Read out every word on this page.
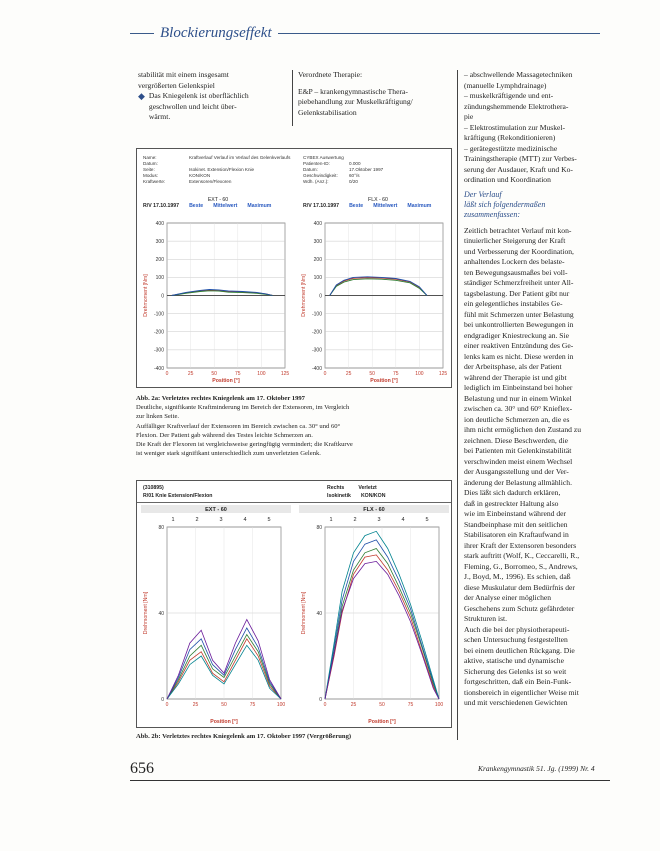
Blockierungseffekt
stabilität mit einem insgesamt
vergrößerten Gelenkspiel
◆ Das Kniegelenk ist oberflächlich
geschwollen und leicht über-
wärmt.
Verordnete Therapie:
E&P – krankengymnastische Thera-
piebehandlung zur Muskelkräftigung/
Gelenkstabilisation
– abschwellende Massagetechniken
(manuelle Lymphdrainage)
– muskelkräftigende und ent-
zündungshemmende Elektrothera-
pie
– Elektrostimulation zur Muskel-
kräftigung (Rekonditionieren)
– gerätegestützte medizinische
Trainingstherapie (MTT) zur Verbes-
serung der Ausdauer, Kraft und Ko-
ordination und Koordination
Der Verlauf
läßt sich folgendermaßen
zusammenfassen:
Zeitlich betrachtet Verlauf mit kon-
tinuierlicher Steigerung der Kraft
und Verbesserung der Koordination,
anhaltendes Lockern des belaste-
ten Bewegungsausmaßes bei voll-
ständiger Schmerzfreiheit unter All-
tagsbelastung. Der Patient gibt nur
ein gelegentliches instabiles Ge-
fühl mit Schmerzen unter Belastung
bei unkontrollierten Bewegungen in
endgradiger Kniestreckung an. Sie
einer reaktiven Entzündung des Ge-
lenks kam es nicht. Diese werden in
der Arbeitsphase, als der Patient
während der Therapie ist und gibt
lediglich im Einbeinstand bei hoher
Belastung und nur in einem Winkel
zwischen ca. 30° und 60° Knieflex-
ion deutliche Schmerzen an, die es
ihm nicht ermöglichen den Zustand zu
zeichnen. Diese Beschwerden, die
bei Patienten mit Gelenkinstabilität
verschwinden meist einem Wechsel
der Ausgangsstellung und der Ver-
änderung der Belastung allmählich.
Dies läßt sich dadurch erklären,
daß in gestreckter Haltung also
wie im Einbeinstand während der
Standbeinphase mit den seitlichen
Stabilisatoren ein Kraftaufwand in
ihrer Kraft der Extensoren besonders
stark auftritt (Wolf, K., Ceccarelli, R.,
Fleming, G., Borromeo, S., Andrews,
J., Boyd, M., 1996). Es schien, daß
diese Muskulatur dem Bedürfnis der
der Analyse einer möglichen
Geschehens zum Schutz gefährdeter
Strukturen ist.
Auch die bei der physiotherapeuti-
schen Untersuchung festgestellten
bei einem deutlichen Rückgang. Die
aktive, statische und dynamische
Sicherung des Gelenks ist so weit
fortgeschritten, daß ein Bein-Funk-
tionsbereich in eigentlicher Weise mit
und mit verschiedenen Gewichten
Name:	Kraftverlauf Verlauf im Verlauf des Gelenkverlaufs
Datum:
Seite:	Isokinet. Extension/Flexion Knie
Modus:	KON/KON
Kraftwerte:	Extensoren/Flexoren
CYBEX Auswertung
Patienten-ID:	0.000
Datum:	17.Oktober 1997
Geschwindigkeit:	60°/s
Wdh. (Anz.):	0/20
EXT - 60
R/V 17.10.1997 Beste Mittelwert Maximum
FLX - 60
R/V 17.10.1997 Beste Mittelwert Maximum
400
300
200
100
0
-100
-200
-300
-400
0	25	50	75	100	125
Position [°]
Drehmoment [Nm]
400
300
200
100
0
-100
-200
-300
-400
0	25	50	75	100	125
Position [°]
Drehmoment [Nm]
Abb. 2a: Verletztes rechtes Kniegelenk am 17. Oktober 1997
Deutliche, signifikante Kraftminderung im Bereich der Extensoren, im Vergleich
zur linken Seite.
Auffälliger Kraftverlauf der Extensoren im Bereich zwischen ca. 30° und 60°
Flexion. Der Patient gab während des Testes leichte Schmerzen an.
Die Kraft der Flexoren ist vergleichsweise geringfügig vermindert; die Kraftkurve
ist weniger stark signifikant unterschiedlich zum unverletzten Gelenk.
(310895)
R/01 Knie Extension/Flexion
Rechts	Verletzt
Isokinetik KON/KON
EXT - 60
1	2	3	4	5
0
40
80
0	25	50	75	100
Position [°]
Drehmoment [Nm]
FLX - 60
1	2	3	4	5
0
40
80
0	25	50	75	100
Position [°]
Drehmoment [Nm]
Abb. 2b: Verletztes rechtes Kniegelenk am 17. Oktober 1997 (Vergrößerung)
656	Krankengymnastik 51. Jg. (1999) Nr. 4
